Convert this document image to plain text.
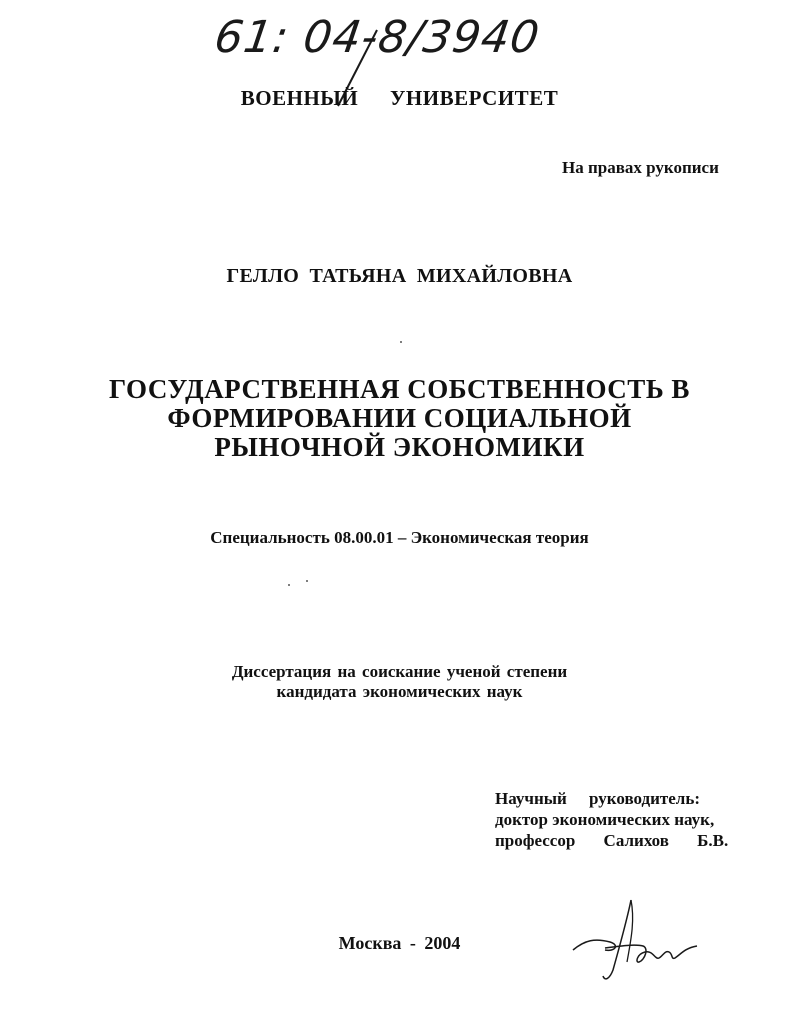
61: 04-8/3940
ВОЕННЫЙ УНИВЕРСИТЕТ
На правах рукописи
ГЕЛЛО ТАТЬЯНА МИХАЙЛОВНА
ГОСУДАРСТВЕННАЯ СОБСТВЕННОСТЬ В
ФОРМИРОВАНИИ СОЦИАЛЬНОЙ
РЫНОЧНОЙ ЭКОНОМИКИ
Специальность 08.00.01 – Экономическая теория
Диссертация на соискание ученой степени
кандидата экономических наук
Научный руководитель:
доктор экономических наук,
профессор Салихов Б.В.
Москва - 2004
